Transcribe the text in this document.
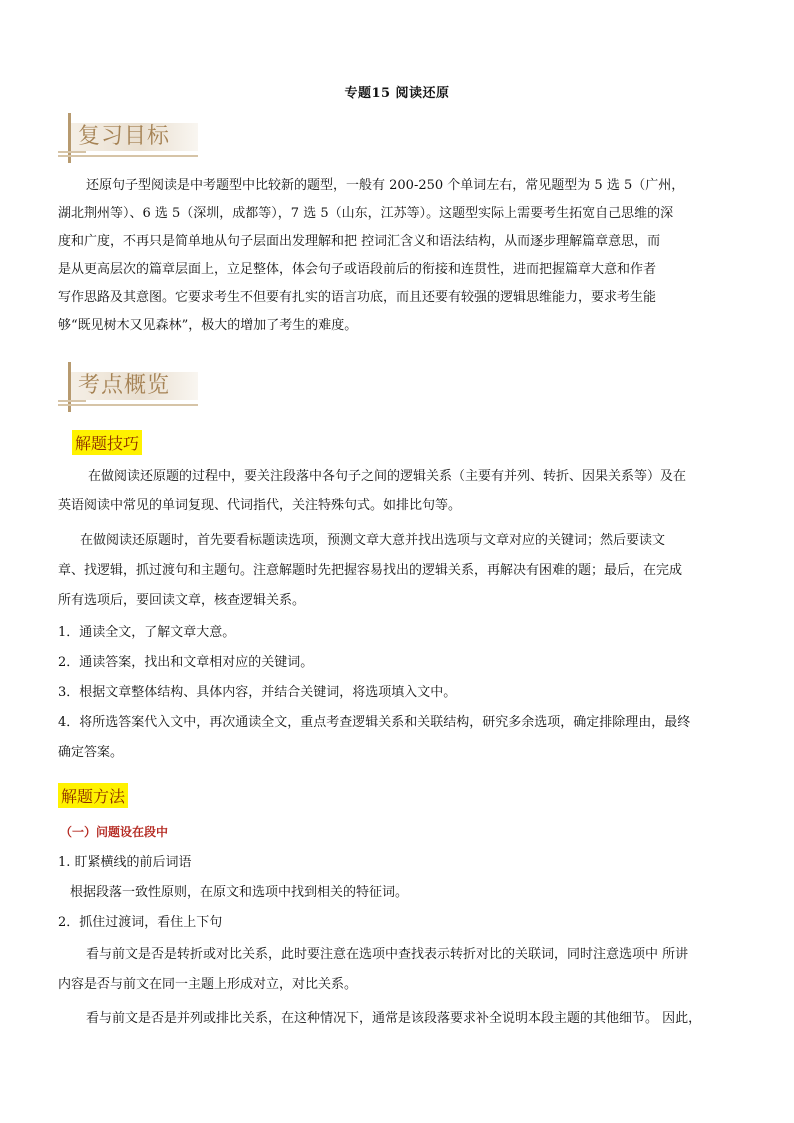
专题15 阅读还原
复习目标
还原句子型阅读是中考题型中比较新的题型，一般有 200-250 个单词左右，常见题型为 5 选 5（广州，
湖北荆州等）、6 选 5（深圳，成都等），7 选 5（山东，江苏等）。这题型实际上需要考生拓宽自己思维的深
度和广度，不再只是简单地从句子层面出发理解和把 控词汇含义和语法结构，从而逐步理解篇章意思，而
是从更高层次的篇章层面上，立足整体，体会句子或语段前后的衔接和连贯性，进而把握篇章大意和作者
写作思路及其意图。它要求考生不但要有扎实的语言功底，而且还要有较强的逻辑思维能力，要求考生能
够“既见树木又见森林”，极大的增加了考生的难度。
考点概览
解题技巧
在做阅读还原题的过程中，要关注段落中各句子之间的逻辑关系（主要有并列、转折、因果关系等）及在
英语阅读中常见的单词复现、代词指代，关注特殊句式。如排比句等。
在做阅读还原题时，首先要看标题读选项，预测文章大意并找出选项与文章对应的关键词；然后要读文
章、找逻辑，抓过渡句和主题句。注意解题时先把握容易找出的逻辑关系，再解决有困难的题；最后，在完成
所有选项后，要回读文章，核查逻辑关系。
1．通读全文，了解文章大意。
2．通读答案，找出和文章相对应的关键词。
3．根据文章整体结构、具体内容，并结合关键词，将选项填入文中。
4．将所选答案代入文中，再次通读全文，重点考查逻辑关系和关联结构，研究多余选项，确定排除理由，最终
确定答案。
解题方法
（一）问题设在段中
1. 盯紧横线的前后词语
根据段落一致性原则，在原文和选项中找到相关的特征词。
2．抓住过渡词，看住上下句
看与前文是否是转折或对比关系，此时要注意在选项中查找表示转折对比的关联词，同时注意选项中 所讲
内容是否与前文在同一主题上形成对立，对比关系。
看与前文是否是并列或排比关系，在这种情况下，通常是该段落要求补全说明本段主题的其他细节。 因此，
